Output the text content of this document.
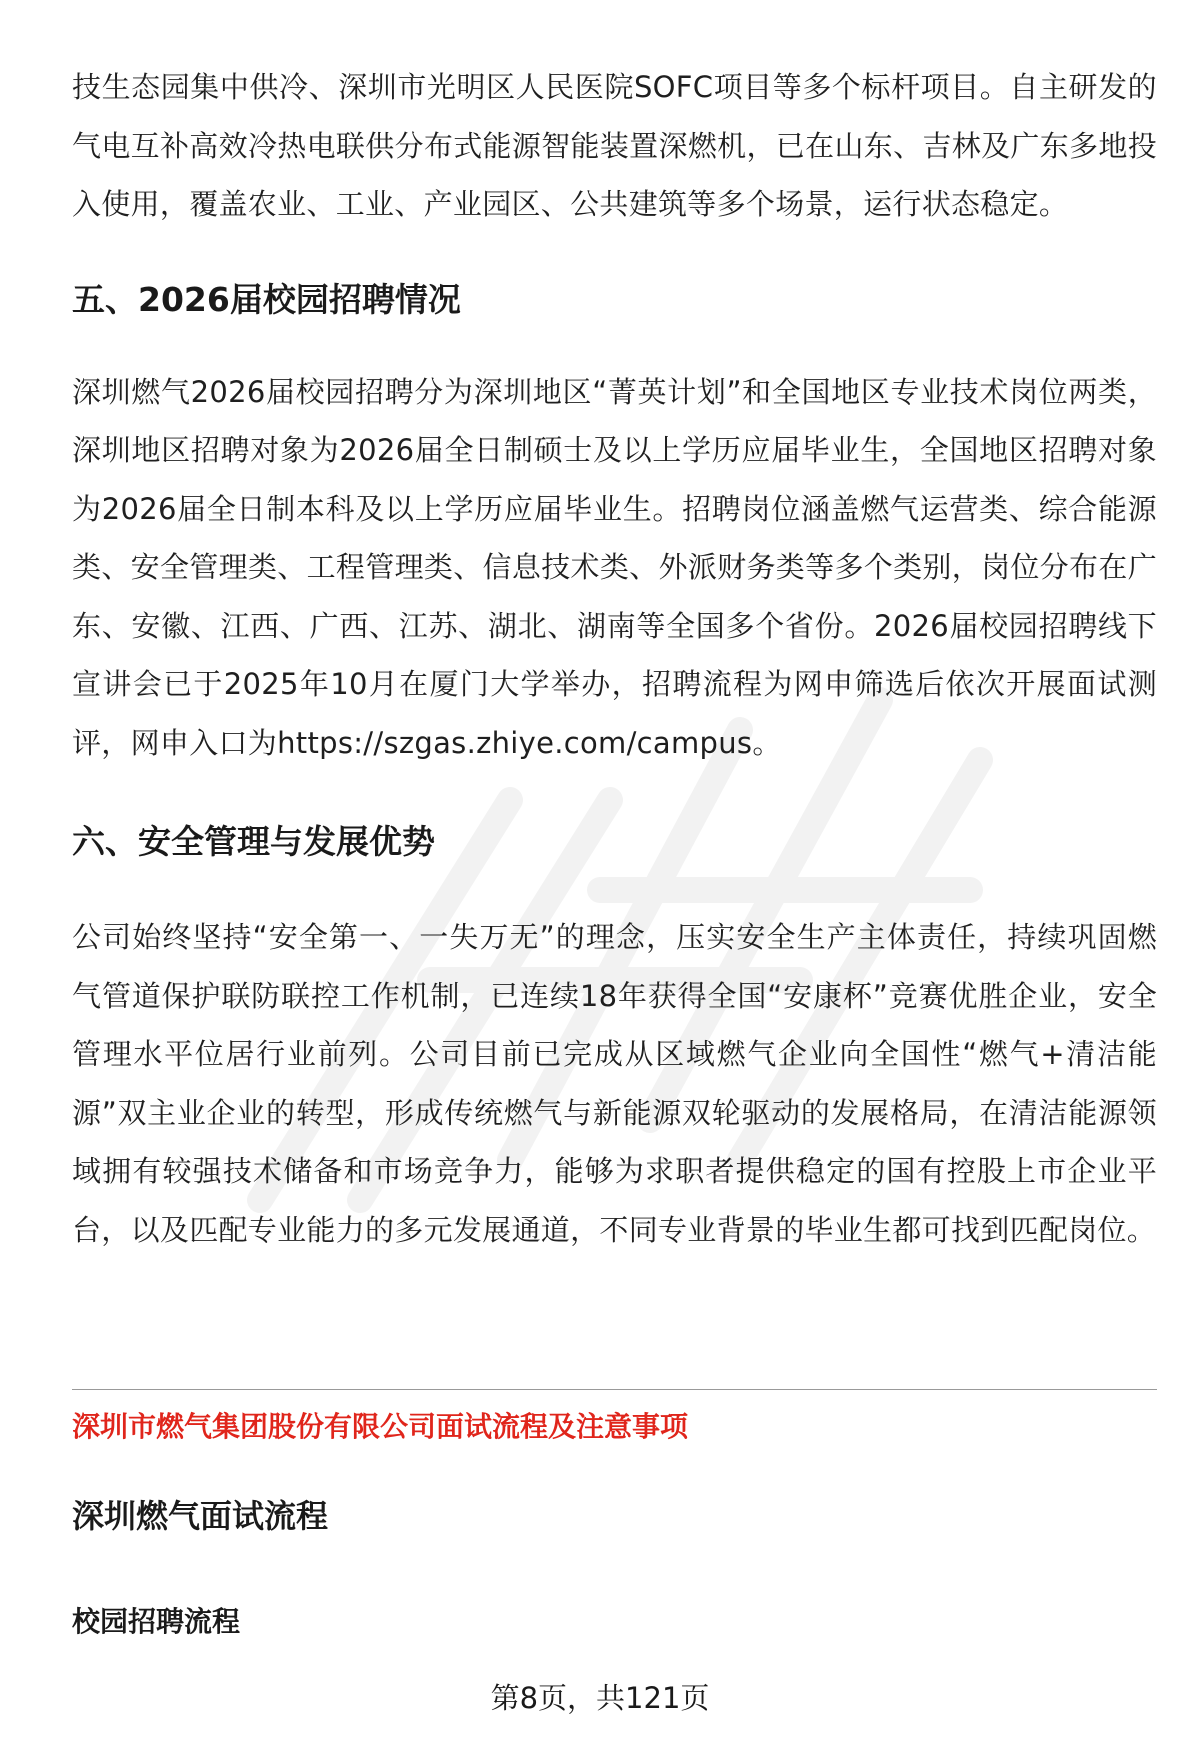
技生态园集中供冷、深圳市光明区人民医院SOFC项目等多个标杆项目。自主研发的气电互补高效冷热电联供分布式能源智能装置深燃机，已在山东、吉林及广东多地投入使用，覆盖农业、工业、产业园区、公共建筑等多个场景，运行状态稳定。

五、2026届校园招聘情况

深圳燃气2026届校园招聘分为深圳地区“菁英计划”和全国地区专业技术岗位两类，深圳地区招聘对象为2026届全日制硕士及以上学历应届毕业生，全国地区招聘对象为2026届全日制本科及以上学历应届毕业生。招聘岗位涵盖燃气运营类、综合能源类、安全管理类、工程管理类、信息技术类、外派财务类等多个类别，岗位分布在广东、安徽、江西、广西、江苏、湖北、湖南等全国多个省份。2026届校园招聘线下宣讲会已于2025年10月在厦门大学举办，招聘流程为网申筛选后依次开展面试测评，网申入口为https://szgas.zhiye.com/campus。

六、安全管理与发展优势

公司始终坚持“安全第一、一失万无”的理念，压实安全生产主体责任，持续巩固燃气管道保护联防联控工作机制，已连续18年获得全国“安康杯”竞赛优胜企业，安全管理水平位居行业前列。公司目前已完成从区域燃气企业向全国性“燃气+清洁能源”双主业企业的转型，形成传统燃气与新能源双轮驱动的发展格局，在清洁能源领域拥有较强技术储备和市场竞争力，能够为求职者提供稳定的国有控股上市企业平台，以及匹配专业能力的多元发展通道，不同专业背景的毕业生都可找到匹配岗位。

深圳市燃气集团股份有限公司面试流程及注意事项
深圳燃气面试流程
校园招聘流程
第8页，共121页
